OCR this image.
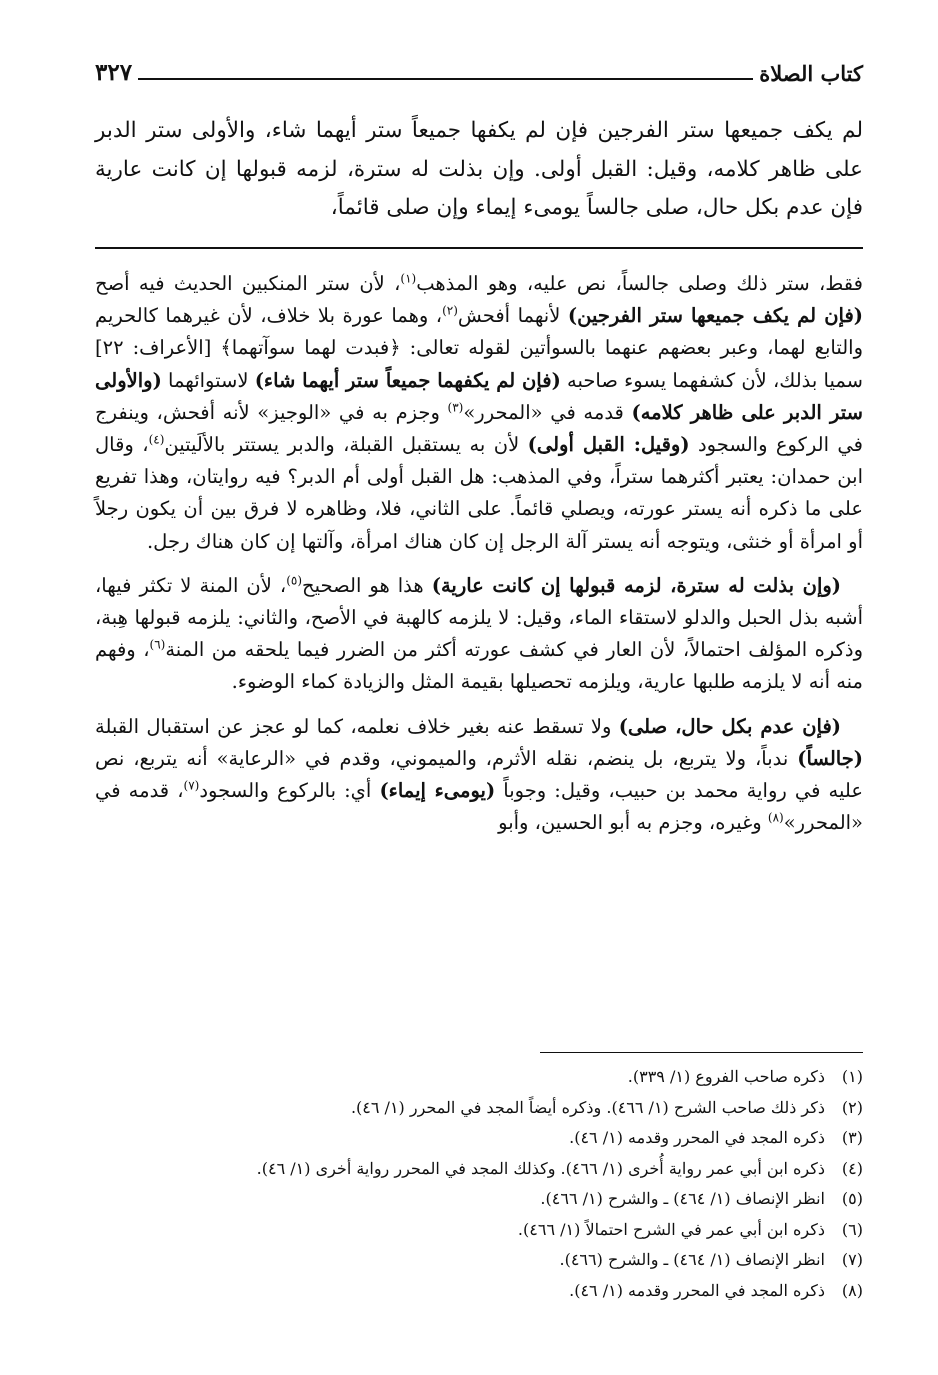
كتاب الصلاة
٣٢٧
لم يكف جميعها ستر الفرجين فإن لم يكفها جميعاً ستر أيهما شاء، والأولى ستر الدبر على ظاهر كلامه، وقيل: القبل أولى. وإن بذلت له سترة، لزمه قبولها إن كانت عارية فإن عدم بكل حال، صلى جالساً يومىء إيماء وإن صلى قائماً،

فقط، ستر ذلك وصلى جالساً، نص عليه، وهو المذهب$^{(١)}$، لأن ستر المنكبين الحديث فيه أصح (فإن لم يكف جميعها ستر الفرجين) لأنهما أفحش$^{(٢)}$، وهما عورة بلا خلاف، لأن غيرهما كالحريم والتابع لهما، وعبر بعضهم عنهما بالسوأتين لقوله تعالى: ﴿فبدت لهما سوآتهما﴾ [الأعراف: ٢٢] سميا بذلك، لأن كشفهما يسوء صاحبه (فإن لم يكفهما جميعاً ستر أيهما شاء) لاستوائهما (والأولى ستر الدبر على ظاهر كلامه) قدمه في «المحرر»$^{(٣)}$ وجزم به في «الوجيز» لأنه أفحش، وينفرج في الركوع والسجود (وقيل: القبل أولى) لأن به يستقبل القبلة، والدبر يستتر بالألَيتين$^{(٤)}$، وقال ابن حمدان: يعتبر أكثرهما ستراً، وفي المذهب: هل القبل أولى أم الدبر؟ فيه روايتان، وهذا تفريع على ما ذكره أنه يستر عورته، ويصلي قائماً. على الثاني، فلا، وظاهره لا فرق بين أن يكون رجلاً أو امرأة أو خنثى، ويتوجه أنه يستر آلة الرجل إن كان هناك امرأة، وآلتها إن كان هناك رجل.

(وإن بذلت له سترة، لزمه قبولها إن كانت عارية) هذا هو الصحيح$^{(٥)}$، لأن المنة لا تكثر فيها، أشبه بذل الحبل والدلو لاستقاء الماء، وقيل: لا يلزمه كالهبة في الأصح، والثاني: يلزمه قبولها هِبة، وذكره المؤلف احتمالاً، لأن العار في كشف عورته أكثر من الضرر فيما يلحقه من المنة$^{(٦)}$، وفهم منه أنه لا يلزمه طلبها عارية، ويلزمه تحصيلها بقيمة المثل والزيادة كماء الوضوء.

(فإن عدم بكل حال، صلى) ولا تسقط عنه بغير خلاف نعلمه، كما لو عجز عن استقبال القبلة (جالساً) ندباً، ولا يتربع، بل ينضم، نقله الأثرم، والميموني، وقدم في «الرعاية» أنه يتربع، نص عليه في رواية محمد بن حبيب، وقيل: وجوباً (يومىء إيماء) أي: بالركوع والسجود$^{(٧)}$، قدمه في «المحرر»$^{(٨)}$ وغيره، وجزم به أبو الحسين، وأبو

(١)
ذكره صاحب الفروع (١/ ٣٣٩).
(٢)
ذكر ذلك صاحب الشرح (١/ ٤٦٦). وذكره أيضاً المجد في المحرر (١/ ٤٦).
(٣)
ذكره المجد في المحرر وقدمه (١/ ٤٦).
(٤)
ذكره ابن أبي عمر رواية أُخرى (١/ ٤٦٦). وكذلك المجد في المحرر رواية أخرى (١/ ٤٦).
(٥)
انظر الإنصاف (١/ ٤٦٤) ـ والشرح (١/ ٤٦٦).
(٦)
ذكره ابن أبي عمر في الشرح احتمالاً (١/ ٤٦٦).
(٧)
انظر الإنصاف (١/ ٤٦٤) ـ والشرح (٤٦٦).
(٨)
ذكره المجد في المحرر وقدمه (١/ ٤٦).
